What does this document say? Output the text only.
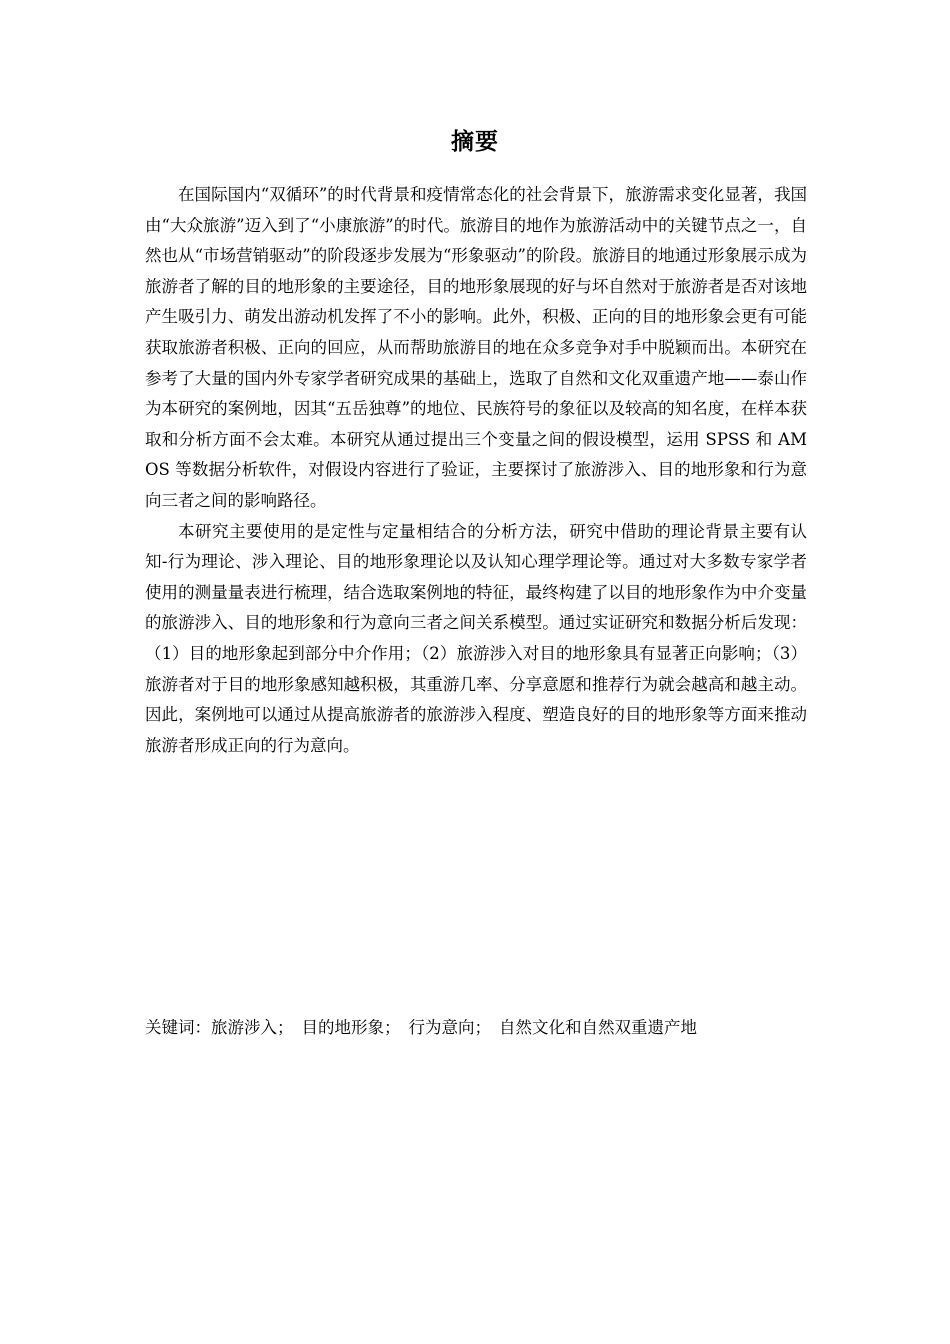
摘要

在国际国内“双循环”的时代背景和疫情常态化的社会背景下，旅游需求变化显著，我国由“大众旅游”迈入到了“小康旅游”的时代。旅游目的地作为旅游活动中的关键节点之一，自然也从“市场营销驱动”的阶段逐步发展为“形象驱动”的阶段。旅游目的地通过形象展示成为旅游者了解的目的地形象的主要途径，目的地形象展现的好与坏自然对于旅游者是否对该地产生吸引力、萌发出游动机发挥了不小的影响。此外，积极、正向的目的地形象会更有可能获取旅游者积极、正向的回应，从而帮助旅游目的地在众多竞争对手中脱颖而出。本研究在参考了大量的国内外专家学者研究成果的基础上，选取了自然和文化双重遗产地——泰山作为本研究的案例地，因其“五岳独尊”的地位、民族符号的象征以及较高的知名度，在样本获取和分析方面不会太难。本研究从通过提出三个变量之间的假设模型，运用 SPSS 和 AMOS 等数据分析软件，对假设内容进行了验证，主要探讨了旅游涉入、目的地形象和行为意向三者之间的影响路径。

本研究主要使用的是定性与定量相结合的分析方法，研究中借助的理论背景主要有认知-行为理论、涉入理论、目的地形象理论以及认知心理学理论等。通过对大多数专家学者使用的测量量表进行梳理，结合选取案例地的特征，最终构建了以目的地形象作为中介变量的旅游涉入、目的地形象和行为意向三者之间关系模型。通过实证研究和数据分析后发现：（1）目的地形象起到部分中介作用；（2）旅游涉入对目的地形象具有显著正向影响；（3）旅游者对于目的地形象感知越积极，其重游几率、分享意愿和推荐行为就会越高和越主动。因此，案例地可以通过从提高旅游者的旅游涉入程度、塑造良好的目的地形象等方面来推动旅游者形成正向的行为意向。

关键词：旅游涉入； 目的地形象； 行为意向； 自然文化和自然双重遗产地
